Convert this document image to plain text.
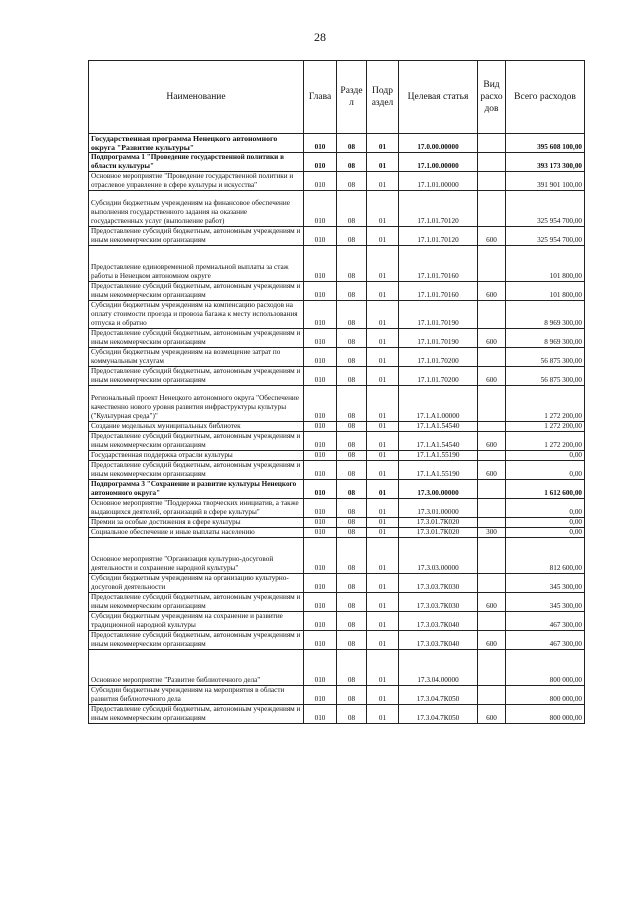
28
Наименование	Глава	Разде л	Подр аздел	Целевая статья	Вид расхо дов	Всего расходов
Государственная программа Ненецкого автономного округа "Развитие культуры"	010	08	01	17.0.00.00000		395 608 100,00
Подпрограмма 1 "Проведение государственной политики в области культуры"	010	08	01	17.1.00.00000		393 173 300,00
Основное мероприятие "Проведение государственной политики и отраслевое управление в сфере культуры и искусства"	010	08	01	17.1.01.00000		391 901 100,00
Субсидии бюджетным учреждениям на финансовое обеспечение выполнения государственного задания на оказание государственных услуг (выполнение работ)	010	08	01	17.1.01.70120		325 954 700,00
Предоставление субсидий бюджетным, автономным учреждениям и иным некоммерческим организациям	010	08	01	17.1.01.70120	600	325 954 700,00
Предоставление единовременной премиальной выплаты за стаж работы в Ненецком автономном округе	010	08	01	17.1.01.70160		101 800,00
Предоставление субсидий бюджетным, автономным учреждениям и иным некоммерческим организациям	010	08	01	17.1.01.70160	600	101 800,00
Субсидии бюджетным учреждениям на компенсацию расходов на оплату стоимости проезда и провоза багажа к месту использования отпуска и обратно	010	08	01	17.1.01.70190		8 969 300,00
Предоставление субсидий бюджетным, автономным учреждениям и иным некоммерческим организациям	010	08	01	17.1.01.70190	600	8 969 300,00
Субсидии бюджетным учреждениям на возмещение затрат по коммунальным услугам	010	08	01	17.1.01.70200		56 875 300,00
Предоставление субсидий бюджетным, автономным учреждениям и иным некоммерческим организациям	010	08	01	17.1.01.70200	600	56 875 300,00
Региональный проект Ненецкого автономного округа "Обеспечение качественно нового уровня развития инфраструктуры культуры ("Культурная среда")"	010	08	01	17.1.A1.00000		1 272 200,00
Создание модельных муниципальных библиотек	010	08	01	17.1.A1.54540		1 272 200,00
Предоставление субсидий бюджетным, автономным учреждениям и иным некоммерческим организациям	010	08	01	17.1.A1.54540	600	1 272 200,00
Государственная поддержка отрасли культуры	010	08	01	17.1.A1.55190		0,00
Предоставление субсидий бюджетным, автономным учреждениям и иным некоммерческим организациям	010	08	01	17.1.A1.55190	600	0,00
Подпрограмма 3 "Сохранение и развитие культуры Ненецкого автономного округа"	010	08	01	17.3.00.00000		1 612 600,00
Основное мероприятие "Поддержка творческих инициатив, а также выдающихся деятелей, организаций в сфере культуры"	010	08	01	17.3.01.00000		0,00
Премии за особые достижения в сфере культуры	010	08	01	17.3.01.7К020		0,00
Социальное обеспечение и иные выплаты населению	010	08	01	17.3.01.7К020	300	0,00
Основное мероприятие "Организация культурно-досуговой деятельности и сохранение народной культуры"	010	08	01	17.3.03.00000		812 600,00
Субсидии бюджетным учреждениям на организацию культурно-досуговой деятельности	010	08	01	17.3.03.7К030		345 300,00
Предоставление субсидий бюджетным, автономным учреждениям и иным некоммерческим организациям	010	08	01	17.3.03.7К030	600	345 300,00
Субсидии бюджетным учреждениям на сохранение и развитие традиционной народной культуры	010	08	01	17.3.03.7К040		467 300,00
Предоставление субсидий бюджетным, автономным учреждениям и иным некоммерческим организациям	010	08	01	17.3.03.7К040	600	467 300,00
Основное мероприятие "Развитие библиотечного дела"	010	08	01	17.3.04.00000		800 000,00
Субсидии бюджетным учреждениям на мероприятия в области развития библиотечного дела	010	08	01	17.3.04.7К050		800 000,00
Предоставление субсидий бюджетным, автономным учреждениям и иным некоммерческим организациям	010	08	01	17.3.04.7К050	600	800 000,00
